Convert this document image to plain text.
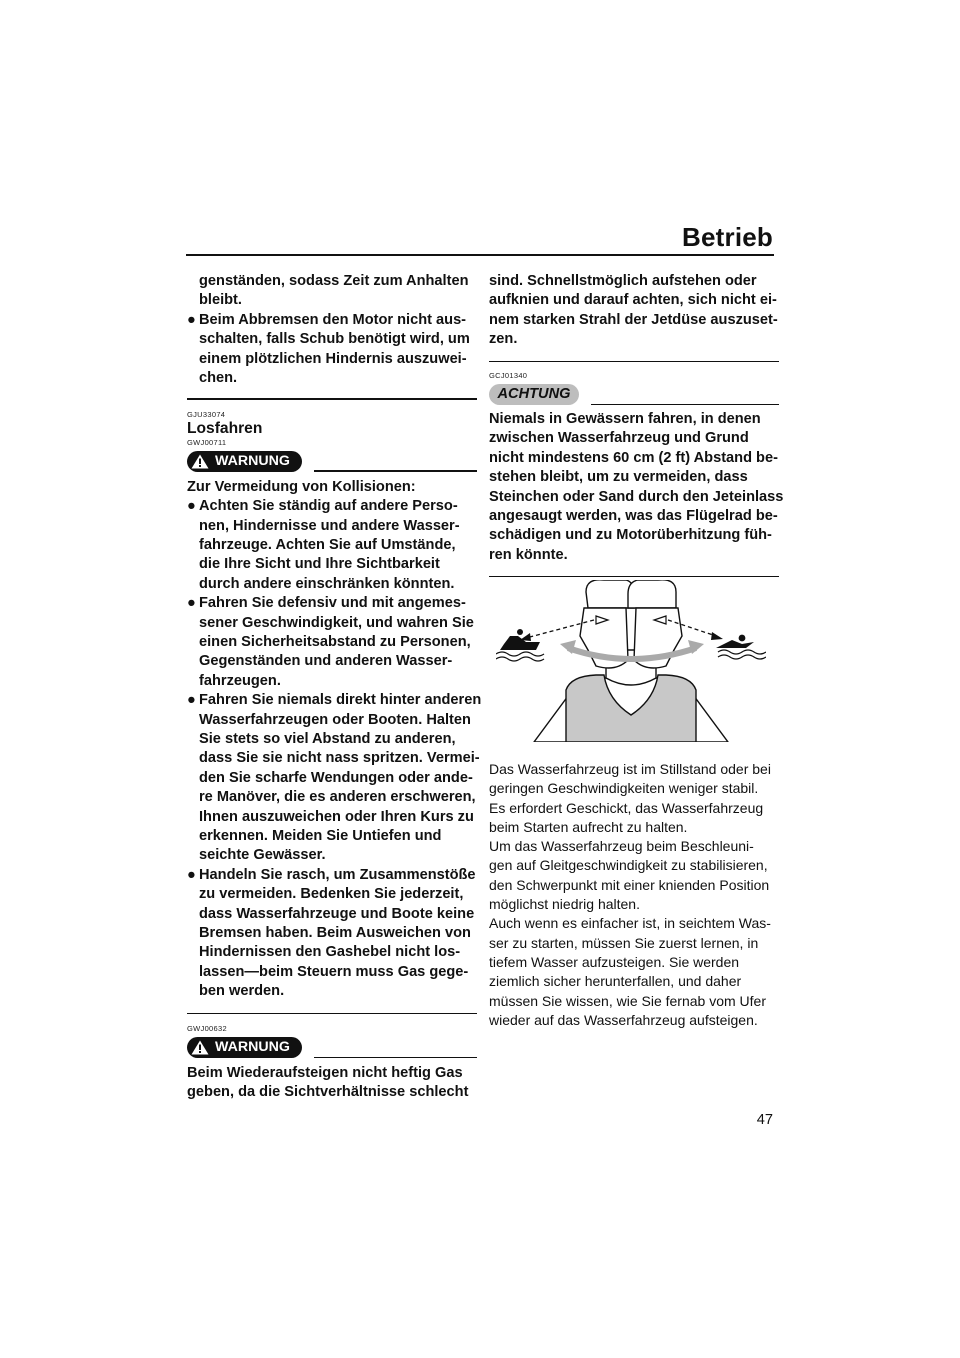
Betrieb
genständen, sodass Zeit zum Anhalten
bleibt.
● Beim Abbremsen den Motor nicht aus-
schalten, falls Schub benötigt wird, um
einem plötzlichen Hindernis auszuwei-
chen.
GJU33074
Losfahren
GWJ00711
WARNUNG
Zur Vermeidung von Kollisionen:
● Achten Sie ständig auf andere Perso-
nen, Hindernisse und andere Wasser-
fahrzeuge. Achten Sie auf Umstände,
die Ihre Sicht und Ihre Sichtbarkeit
durch andere einschränken könnten.
● Fahren Sie defensiv und mit angemes-
sener Geschwindigkeit, und wahren Sie
einen Sicherheitsabstand zu Personen,
Gegenständen und anderen Wasser-
fahrzeugen.
● Fahren Sie niemals direkt hinter anderen
Wasserfahrzeugen oder Booten. Halten
Sie stets so viel Abstand zu anderen,
dass Sie sie nicht nass spritzen. Vermei-
den Sie scharfe Wendungen oder ande-
re Manöver, die es anderen erschweren,
Ihnen auszuweichen oder Ihren Kurs zu
erkennen. Meiden Sie Untiefen und
seichte Gewässer.
● Handeln Sie rasch, um Zusammenstöße
zu vermeiden. Bedenken Sie jederzeit,
dass Wasserfahrzeuge und Boote keine
Bremsen haben. Beim Ausweichen von
Hindernissen den Gashebel nicht los-
lassen—beim Steuern muss Gas gege-
ben werden.
GWJ00632
WARNUNG
Beim Wiederaufsteigen nicht heftig Gas
geben, da die Sichtverhältnisse schlecht
sind. Schnellstmöglich aufstehen oder
aufknien und darauf achten, sich nicht ei-
nem starken Strahl der Jetdüse auszuset-
zen.
GCJ01340
ACHTUNG
Niemals in Gewässern fahren, in denen
zwischen Wasserfahrzeug und Grund
nicht mindestens 60 cm (2 ft) Abstand be-
stehen bleibt, um zu vermeiden, dass
Steinchen oder Sand durch den Jeteinlass
angesaugt werden, was das Flügelrad be-
schädigen und zu Motorüberhitzung füh-
ren könnte.
Das Wasserfahrzeug ist im Stillstand oder bei
geringen Geschwindigkeiten weniger stabil.
Es erfordert Geschickt, das Wasserfahrzeug
beim Starten aufrecht zu halten.
Um das Wasserfahrzeug beim Beschleuni-
gen auf Gleitgeschwindigkeit zu stabilisieren,
den Schwerpunkt mit einer knienden Position
möglichst niedrig halten.
Auch wenn es einfacher ist, in seichtem Was-
ser zu starten, müssen Sie zuerst lernen, in
tiefem Wasser aufzusteigen. Sie werden
ziemlich sicher herunterfallen, und daher
müssen Sie wissen, wie Sie fernab vom Ufer
wieder auf das Wasserfahrzeug aufsteigen.
47
